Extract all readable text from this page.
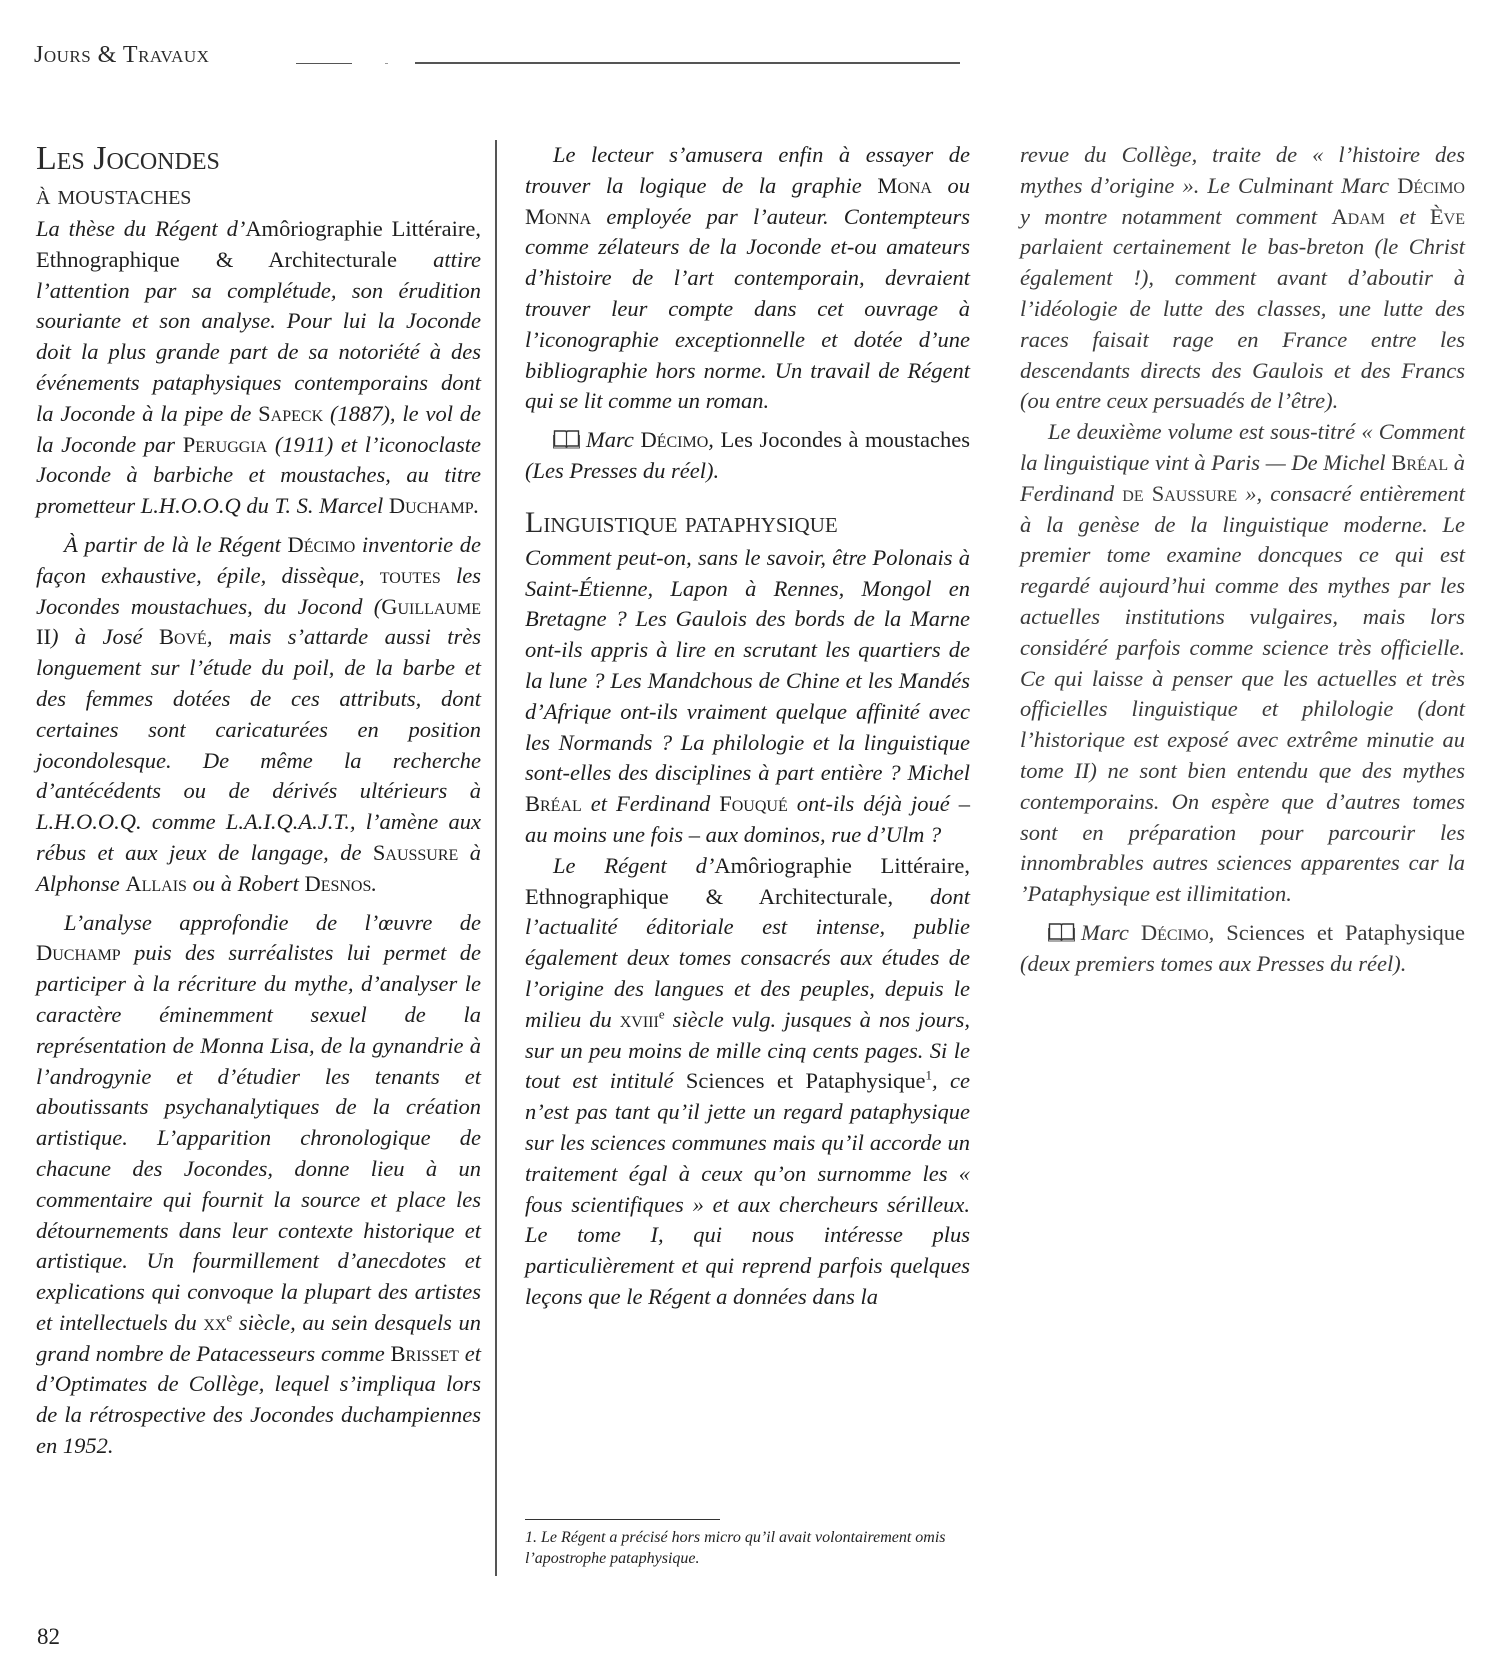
Jours & Travaux
Les Jocondes
à moustaches

La thèse du Régent d’Amôriographie Littéraire, Ethnographique & Architecturale attire l’attention par sa complétude, son érudition souriante et son analyse. Pour lui la Joconde doit la plus grande part de sa notoriété à des événements pataphysiques contemporains dont la Joconde à la pipe de Sapeck (1887), le vol de la Joconde par Peruggia (1911) et l’iconoclaste Joconde à barbiche et moustaches, au titre prometteur L.H.O.O.Q du T. S. Marcel Duchamp.

À partir de là le Régent Décimo inventorie de façon exhaustive, épile, dissèque, toutes les Jocondes moustachues, du Jocond (Guillaume II) à José Bové, mais s’attarde aussi très longuement sur l’étude du poil, de la barbe et des femmes dotées de ces attributs, dont certaines sont caricaturées en position jocondolesque. De même la recherche d’antécédents ou de dérivés ultérieurs à L.H.O.O.Q. comme L.A.I.Q.A.J.T., l’amène aux rébus et aux jeux de langage, de Saussure à Alphonse Allais ou à Robert Desnos.

L’analyse approfondie de l’œuvre de Duchamp puis des surréalistes lui permet de participer à la récriture du mythe, d’analyser le caractère éminemment sexuel de la représentation de Monna Lisa, de la gynandrie à l’androgynie et d’étudier les tenants et aboutissants psychanalytiques de la création artistique. L’apparition chronologique de chacune des Jocondes, donne lieu à un commentaire qui fournit la source et place les détournements dans leur contexte historique et artistique. Un fourmillement d’anecdotes et explications qui convoque la plupart des artistes et intellectuels du $xx^e$ siècle, au sein desquels un grand nombre de Patacesseurs comme Brisset et d’Optimates de Collège, lequel s’impliqua lors de la rétrospective des Jocondes duchampiennes en 1952.

Le lecteur s’amusera enfin à essayer de trouver la logique de la graphie Mona ou Monna employée par l’auteur. Contempteurs comme zélateurs de la Joconde et-ou amateurs d’histoire de l’art contemporain, devraient trouver leur compte dans cet ouvrage à l’iconographie exceptionnelle et dotée d’une bibliographie hors norme. Un travail de Régent qui se lit comme un roman.

Marc Décimo, Les Jocondes à moustaches (Les Presses du réel).

Linguistique pataphysique

Comment peut-on, sans le savoir, être Polonais à Saint-Étienne, Lapon à Rennes, Mongol en Bretagne ? Les Gaulois des bords de la Marne ont-ils appris à lire en scrutant les quartiers de la lune ? Les Mandchous de Chine et les Mandés d’Afrique ont-ils vraiment quelque affinité avec les Normands ? La philologie et la linguistique sont-elles des disciplines à part entière ? Michel Bréal et Ferdinand Fouqué ont-ils déjà joué – au moins une fois – aux dominos, rue d’Ulm ?

Le Régent d’Amôriographie Littéraire, Ethnographique & Architecturale, dont l’actualité éditoriale est intense, publie également deux tomes consacrés aux études de l’origine des langues et des peuples, depuis le milieu du xviii$^e$ siècle vulg. jusques à nos jours, sur un peu moins de mille cinq cents pages. Si le tout est intitulé Sciences et Pataphysique$^1$, ce n’est pas tant qu’il jette un regard pataphysique sur les sciences communes mais qu’il accorde un traitement égal à ceux qu’on surnomme les « fous scientifiques » et aux chercheurs sérilleux. Le tome I, qui nous intéresse plus particulièrement et qui reprend parfois quelques leçons que le Régent a données dans la

revue du Collège, traite de « l’histoire des mythes d’origine ». Le Culminant Marc Décimo y montre notamment comment Adam et Ève parlaient certainement le bas-breton (le Christ également !), comment avant d’aboutir à l’idéologie de lutte des classes, une lutte des races faisait rage en France entre les descendants directs des Gaulois et des Francs (ou entre ceux persuadés de l’être).

Le deuxième volume est sous-titré « Comment la linguistique vint à Paris — De Michel Bréal à Ferdinand de Saussure », consacré entièrement à la genèse de la linguistique moderne. Le premier tome examine doncques ce qui est regardé aujourd’hui comme des mythes par les actuelles institutions vulgaires, mais lors considéré parfois comme science très officielle. Ce qui laisse à penser que les actuelles et très officielles linguistique et philologie (dont l’historique est exposé avec extrême minutie au tome II) ne sont bien entendu que des mythes contemporains. On espère que d’autres tomes sont en préparation pour parcourir les innombrables autres sciences apparentes car la ’Pataphysique est illimitation.

Marc Décimo, Sciences et Pataphysique (deux premiers tomes aux Presses du réel).

1. Le Régent a précisé hors micro qu’il avait volontairement omis l’apostrophe pataphysique.
82
